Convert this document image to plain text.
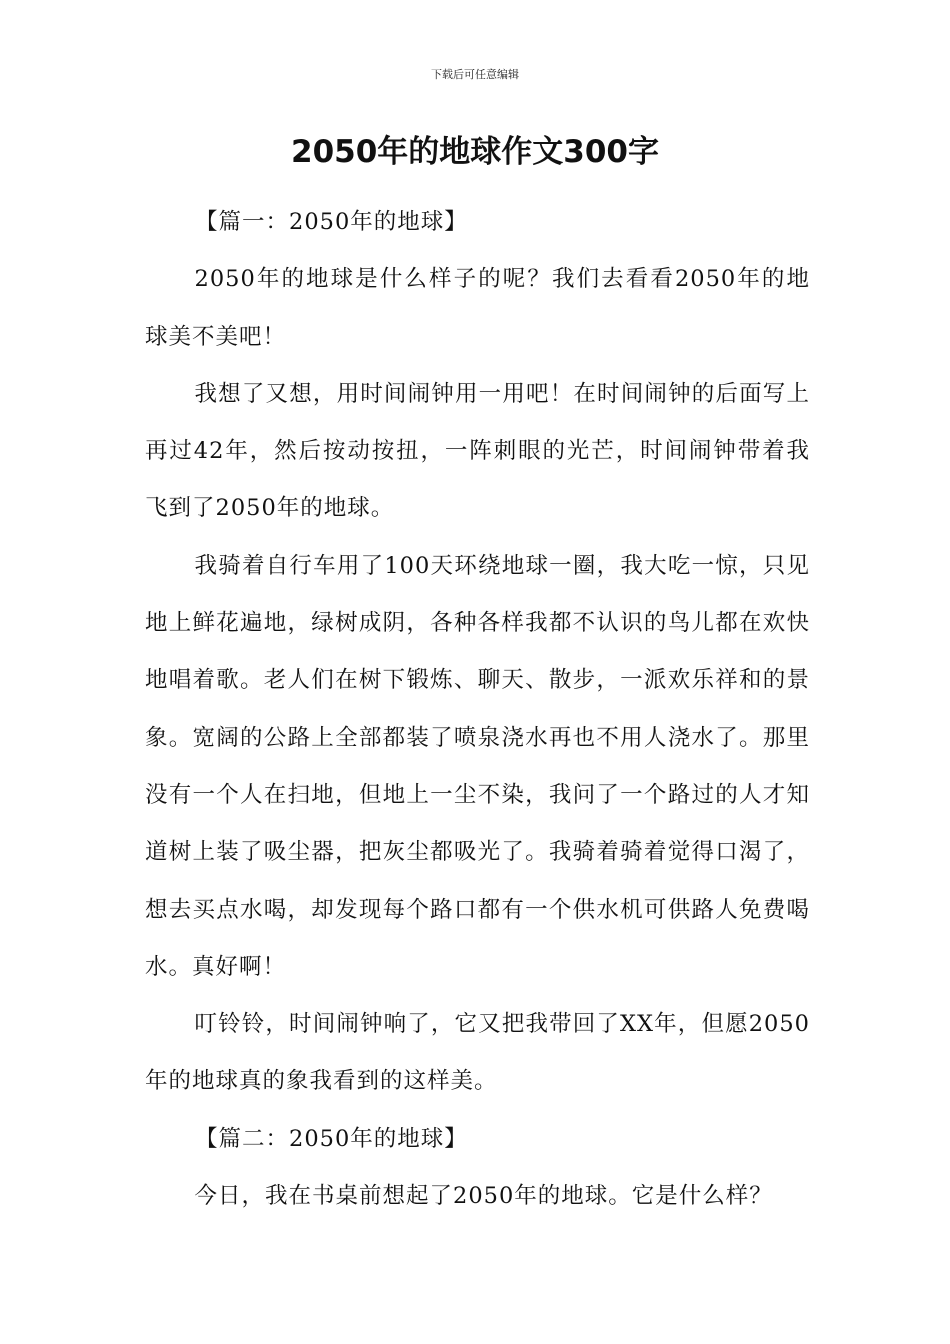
下载后可任意编辑
2050年的地球作文300字

【篇一：2050年的地球】

2050年的地球是什么样子的呢？我们去看看2050年的地球美不美吧！

我想了又想，用时间闹钟用一用吧！在时间闹钟的后面写上再过42年，然后按动按扭，一阵刺眼的光芒，时间闹钟带着我飞到了2050年的地球。

我骑着自行车用了100天环绕地球一圈，我大吃一惊，只见地上鲜花遍地，绿树成阴，各种各样我都不认识的鸟儿都在欢快地唱着歌。老人们在树下锻炼、聊天、散步，一派欢乐祥和的景象。宽阔的公路上全部都装了喷泉浇水再也不用人浇水了。那里没有一个人在扫地，但地上一尘不染，我问了一个路过的人才知道树上装了吸尘器，把灰尘都吸光了。我骑着骑着觉得口渴了，想去买点水喝，却发现每个路口都有一个供水机可供路人免费喝水。真好啊！

叮铃铃，时间闹钟响了，它又把我带回了XX年，但愿2050年的地球真的象我看到的这样美。

【篇二：2050年的地球】

今日，我在书桌前想起了2050年的地球。它是什么样？
